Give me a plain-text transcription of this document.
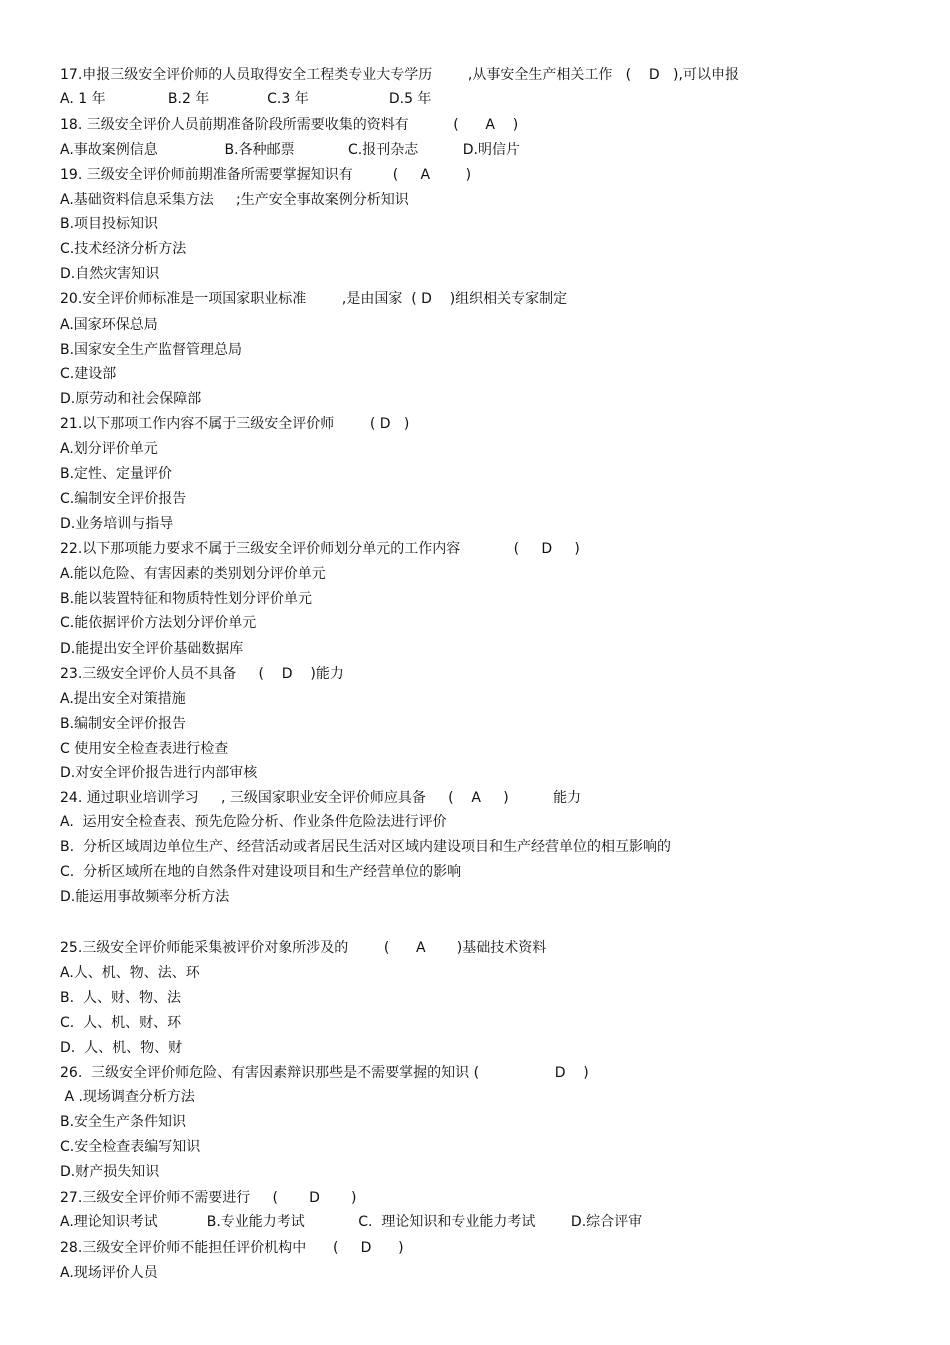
17.申报三级安全评价师的人员取得安全工程类专业大专学历        ,从事安全生产相关工作   (    D   ),可以申报
A. 1 年              B.2 年             C.3 年                  D.5 年
18. 三级安全评价人员前期准备阶段所需要收集的资料有          (      A    )
A.事故案例信息               B.各种邮票            C.报刊杂志          D.明信片
19. 三级安全评价师前期准备所需要掌握知识有         (     A        )
A.基础资料信息采集方法     ;生产安全事故案例分析知识
B.项目投标知识
C.技术经济分析方法
D.自然灾害知识
20.安全评价师标准是一项国家职业标准        ,是由国家  ( D    )组织相关专家制定
A.国家环保总局
B.国家安全生产监督管理总局
C.建设部
D.原劳动和社会保障部
21.以下那项工作内容不属于三级安全评价师        ( D   )
A.划分评价单元
B.定性、定量评价
C.编制安全评价报告
D.业务培训与指导
22.以下那项能力要求不属于三级安全评价师划分单元的工作内容            (     D     )
A.能以危险、有害因素的类别划分评价单元
B.能以装置特征和物质特性划分评价单元
C.能依据评价方法划分评价单元
D.能提出安全评价基础数据库
23.三级安全评价人员不具备     (    D    )能力
A.提出安全对策措施
B.编制安全评价报告
C 使用安全检查表进行检查
D.对安全评价报告进行内部审核
24. 通过职业培训学习     , 三级国家职业安全评价师应具备     (    A     )          能力
A.  运用安全检查表、预先危险分析、作业条件危险法进行评价
B.  分析区域周边单位生产、经营活动或者居民生活对区域内建设项目和生产经营单位的相互影响的
C.  分析区域所在地的自然条件对建设项目和生产经营单位的影响
D.能运用事故频率分析方法
25.三级安全评价师能采集被评价对象所涉及的        (      A       )基础技术资料
A.人、机、物、法、环
B.  人、财、物、法
C.  人、机、财、环
D.  人、机、物、财
26.  三级安全评价师危险、有害因素辩识那些是不需要掌握的知识 (                 D    )
A .现场调查分析方法
B.安全生产条件知识
C.安全检查表编写知识
D.财产损失知识
27.三级安全评价师不需要进行     (       D       )
A.理论知识考试           B.专业能力考试            C.  理论知识和专业能力考试        D.综合评审
28.三级安全评价师不能担任评价机构中      (     D      )
A.现场评价人员
